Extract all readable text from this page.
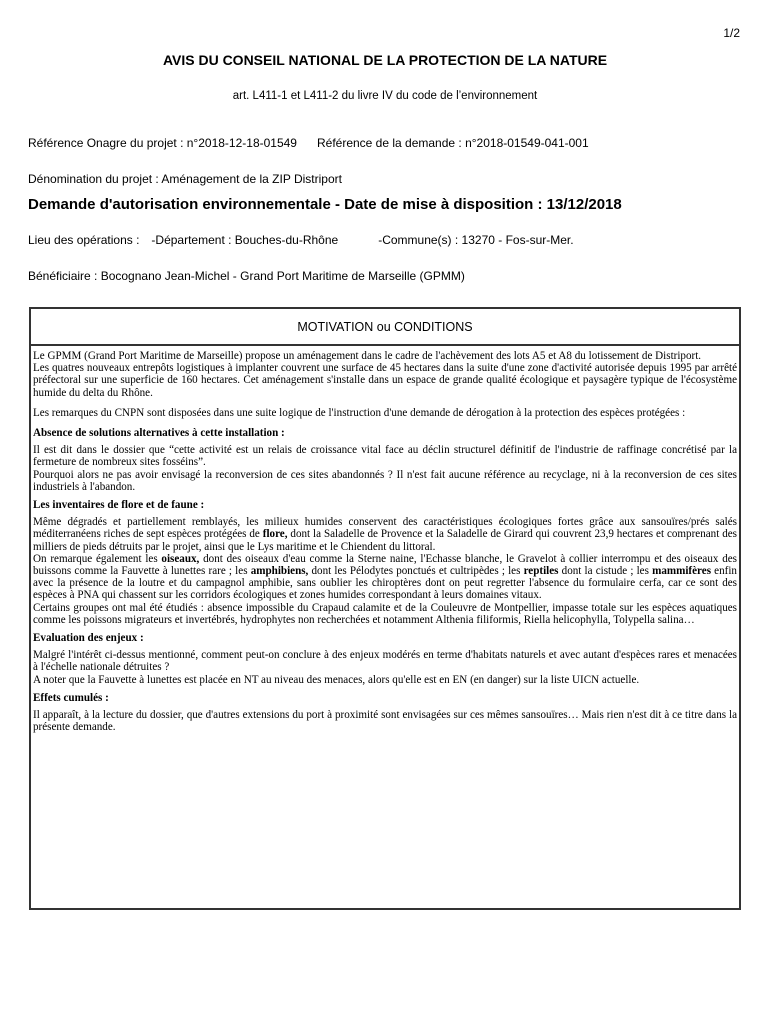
1/2
AVIS DU CONSEIL NATIONAL DE LA PROTECTION DE LA NATURE
art. L411-1 et L411-2 du livre IV du code de l’environnement
Référence Onagre du projet : n°2018-12-18-01549 Référence de la demande : n°2018-01549-041-001
Dénomination du projet : Aménagement de la ZIP Distriport
Demande d'autorisation environnementale - Date de mise à disposition : 13/12/2018
Lieu des opérations : -Département : Bouches-du-Rhône	-Commune(s) : 13270 - Fos-sur-Mer.
Bénéficiaire : Bocognano Jean-Michel - Grand Port Maritime de Marseille (GPMM)
MOTIVATION ou CONDITIONS

Le GPMM (Grand Port Maritime de Marseille) propose un aménagement dans le cadre de l'achèvement des lots A5 et A8 du lotissement de Distriport.

Les quatres nouveaux entrepôts logistiques à implanter couvrent une surface de 45 hectares dans la suite d'une zone d'activité autorisée depuis 1995 par arrêté préfectoral sur une superficie de 160 hectares. Cet aménagement s'installe dans un espace de grande qualité écologique et paysagère typique de l'écosystème humide du delta du Rhône.

Les remarques du CNPN sont disposées dans une suite logique de l'instruction d'une demande de dérogation à la protection des espèces protégées :

Absence de solutions alternatives à cette installation :

Il est dit dans le dossier que “cette activité est un relais de croissance vital face au déclin structurel définitif de l'industrie de raffinage concrétisé par la fermeture de nombreux sites fosséins”.

Pourquoi alors ne pas avoir envisagé la reconversion de ces sites abandonnés ? Il n'est fait aucune référence au recyclage, ni à la reconversion de ces sites industriels à l'abandon.

Les inventaires de flore et de faune :

Même dégradés et partiellement remblayés, les milieux humides conservent des caractéristiques écologiques fortes grâce aux sansouïres/prés salés méditerranéens riches de sept espèces protégées de flore, dont la Saladelle de Provence et la Saladelle de Girard qui couvrent 23,9 hectares et comprenant des milliers de pieds détruits par le projet, ainsi que le Lys maritime et le Chiendent du littoral.

On remarque également les oiseaux, dont des oiseaux d'eau comme la Sterne naine, l'Echasse blanche, le Gravelot à collier interrompu et des oiseaux des buissons comme la Fauvette à lunettes rare ; les amphibiens, dont les Pélodytes ponctués et cultripèdes ; les reptiles dont la cistude ; les mammifères enfin avec la présence de la loutre et du campagnol amphibie, sans oublier les chiroptères dont on peut regretter l'absence du formulaire cerfa, car ce sont des espèces à PNA qui chassent sur les corridors écologiques et zones humides correspondant à leurs domaines vitaux.

Certains groupes ont mal été étudiés : absence impossible du Crapaud calamite et de la Couleuvre de Montpellier, impasse totale sur les espèces aquatiques comme les poissons migrateurs et invertébrés, hydrophytes non recherchées et notamment Althenia filiformis, Riella helicophylla, Tolypella salina…

Evaluation des enjeux :

Malgré l'intérêt ci-dessus mentionné, comment peut-on conclure à des enjeux modérés en terme d'habitats naturels et avec autant d'espèces rares et menacées à l'échelle nationale détruites ?

A noter que la Fauvette à lunettes est placée en NT au niveau des menaces, alors qu'elle est en EN (en danger) sur la liste UICN actuelle.

Effets cumulés :

Il apparaît, à la lecture du dossier, que d'autres extensions du port à proximité sont envisagées sur ces mêmes sansouïres… Mais rien n'est dit à ce titre dans la présente demande.
